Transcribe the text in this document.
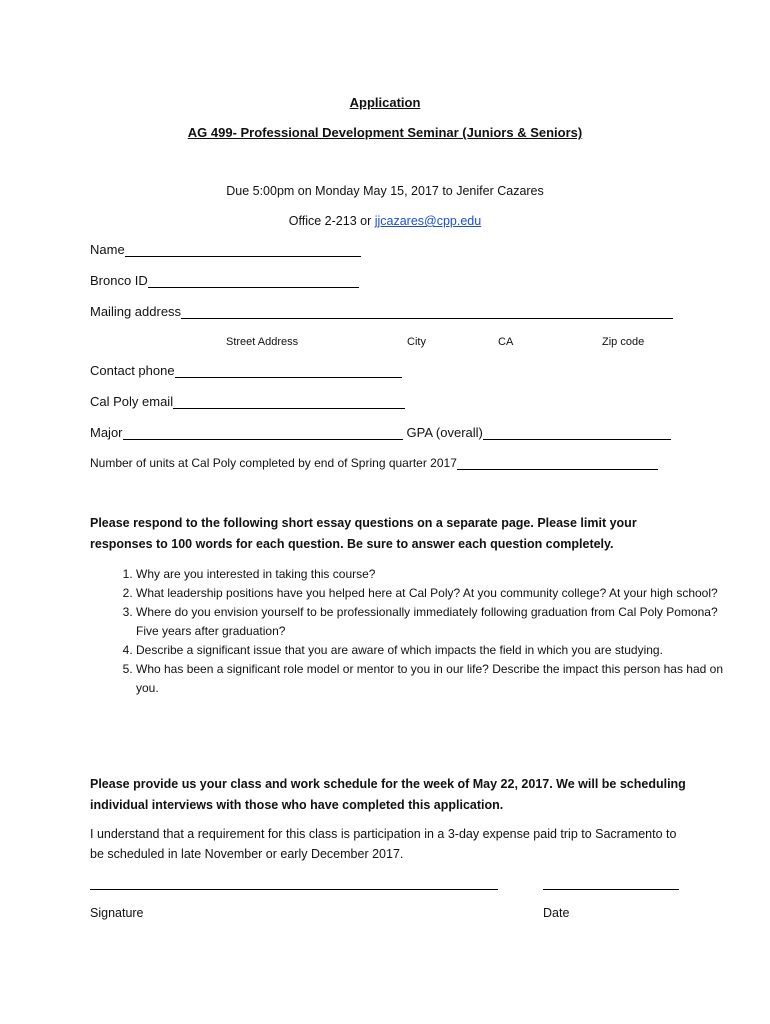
Application
AG 499- Professional Development Seminar (Juniors & Seniors)
Due 5:00pm on Monday May 15, 2017 to Jenifer Cazares
Office 2-213 or jjcazares@cpp.edu
Name
Bronco ID
Mailing address
Street Address	City	CA	Zip code
Contact phone
Cal Poly email
Major	GPA (overall)
Number of units at Cal Poly completed by end of Spring quarter 2017
Please respond to the following short essay questions on a separate page. Please limit your responses to 100 words for each question. Be sure to answer each question completely.
1. Why are you interested in taking this course?
2. What leadership positions have you helped here at Cal Poly? At you community college? At your high school?
3. Where do you envision yourself to be professionally immediately following graduation from Cal Poly Pomona? Five years after graduation?
4. Describe a significant issue that you are aware of which impacts the field in which you are studying.
5. Who has been a significant role model or mentor to you in our life? Describe the impact this person has had on you.
Please provide us your class and work schedule for the week of May 22, 2017. We will be scheduling individual interviews with those who have completed this application.
I understand that a requirement for this class is participation in a 3-day expense paid trip to Sacramento to be scheduled in late November or early December 2017.
Signature	Date
